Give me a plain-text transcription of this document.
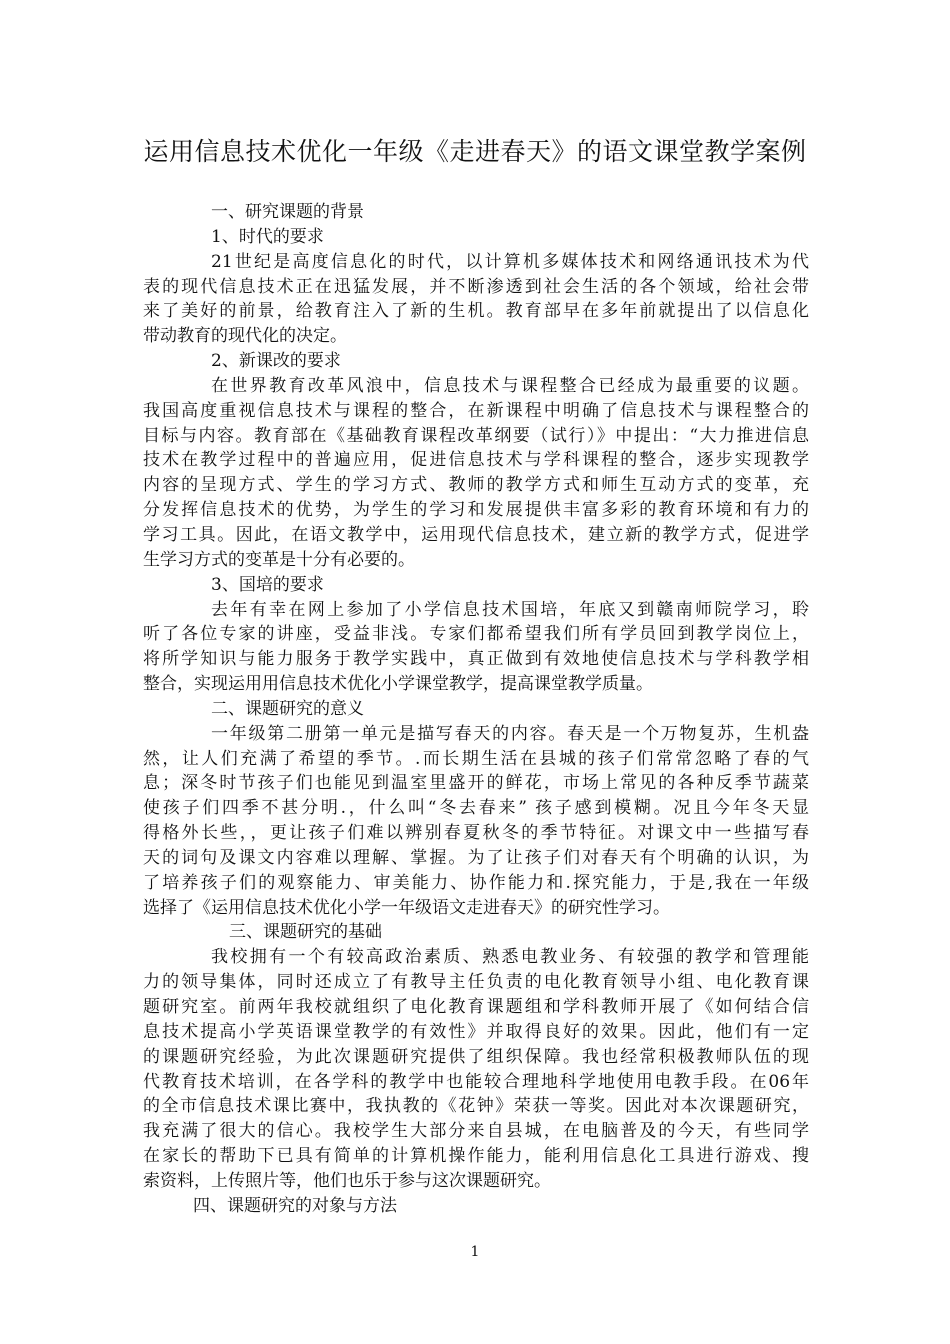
运用信息技术优化一年级《走进春天》的语文课堂教学案例
一、研究课题的背景
1、时代的要求
21世纪是高度信息化的时代，以计算机多媒体技术和网络通讯技术为代
表的现代信息技术正在迅猛发展，并不断渗透到社会生活的各个领域，给社会带
来了美好的前景，给教育注入了新的生机。教育部早在多年前就提出了以信息化
带动教育的现代化的决定。
2、新课改的要求
在世界教育改革风浪中，信息技术与课程整合已经成为最重要的议题。
我国高度重视信息技术与课程的整合，在新课程中明确了信息技术与课程整合的
目标与内容。教育部在《基础教育课程改革纲要（试行）》中提出：“大力推进信息
技术在教学过程中的普遍应用，促进信息技术与学科课程的整合，逐步实现教学
内容的呈现方式、学生的学习方式、教师的教学方式和师生互动方式的变革，充
分发挥信息技术的优势，为学生的学习和发展提供丰富多彩的教育环境和有力的
学习工具。因此，在语文教学中，运用现代信息技术，建立新的教学方式，促进学
生学习方式的变革是十分有必要的。
3、国培的要求
去年有幸在网上参加了小学信息技术国培，年底又到赣南师院学习，聆
听了各位专家的讲座，受益非浅。专家们都希望我们所有学员回到教学岗位上，
将所学知识与能力服务于教学实践中，真正做到有效地使信息技术与学科教学相
整合，实现运用用信息技术优化小学课堂教学，提高课堂教学质量。
二、课题研究的意义
一年级第二册第一单元是描写春天的内容。春天是一个万物复苏，生机盎
然，让人们充满了希望的季节。.而长期生活在县城的孩子们常常忽略了春的气
息；深冬时节孩子们也能见到温室里盛开的鲜花，市场上常见的各种反季节蔬菜
使孩子们四季不甚分明.，什么叫“冬去春来” 孩子感到模糊。况且今年冬天显
得格外长些，，更让孩子们难以辨别春夏秋冬的季节特征。对课文中一些描写春
天的词句及课文内容难以理解、掌握。为了让孩子们对春天有个明确的认识，为
了培养孩子们的观察能力、审美能力、协作能力和.探究能力，于是,我在一年级
选择了《运用信息技术优化小学一年级语文走进春天》的研究性学习。
三、课题研究的基础
我校拥有一个有较高政治素质、熟悉电教业务、有较强的教学和管理能
力的领导集体，同时还成立了有教导主任负责的电化教育领导小组、电化教育课
题研究室。前两年我校就组织了电化教育课题组和学科教师开展了《如何结合信
息技术提高小学英语课堂教学的有效性》并取得良好的效果。因此，他们有一定
的课题研究经验，为此次课题研究提供了组织保障。我也经常积极教师队伍的现
代教育技术培训，在各学科的教学中也能较合理地科学地使用电教手段。在06年
的全市信息技术课比赛中，我执教的《花钟》荣获一等奖。因此对本次课题研究，
我充满了很大的信心。我校学生大部分来自县城，在电脑普及的今天，有些同学
在家长的帮助下已具有简单的计算机操作能力，能利用信息化工具进行游戏、搜
索资料，上传照片等，他们也乐于参与这次课题研究。
四、课题研究的对象与方法
1
